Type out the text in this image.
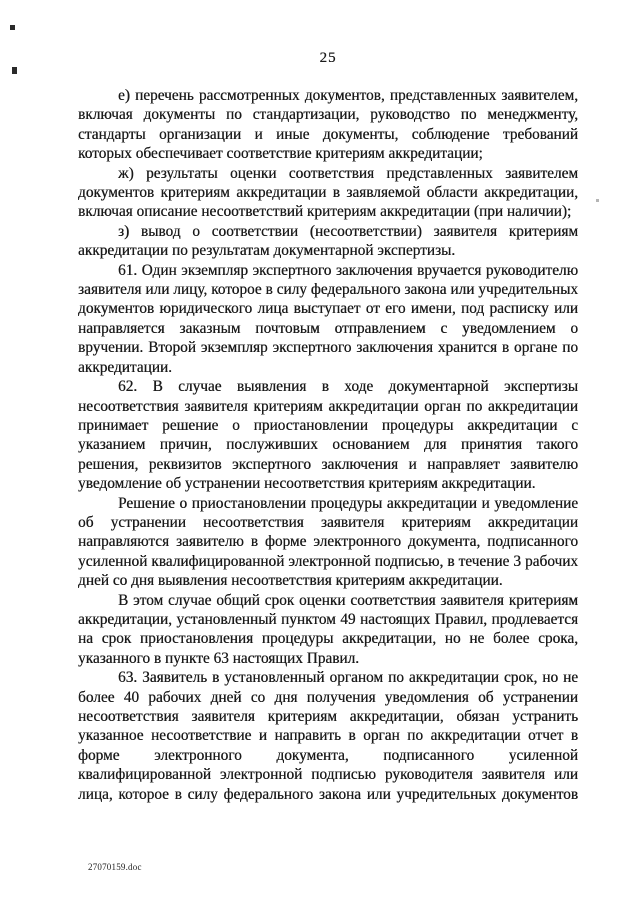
25

е) перечень рассмотренных документов, представленных заявителем, включая документы по стандартизации, руководство по менеджменту, стандарты организации и иные документы, соблюдение требований которых обеспечивает соответствие критериям аккредитации;

ж) результаты оценки соответствия представленных заявителем документов критериям аккредитации в заявляемой области аккредитации, включая описание несоответствий критериям аккредитации (при наличии);

з) вывод о соответствии (несоответствии) заявителя критериям аккредитации по результатам документарной экспертизы.

61. Один экземпляр экспертного заключения вручается руководителю заявителя или лицу, которое в силу федерального закона или учредительных документов юридического лица выступает от его имени, под расписку или направляется заказным почтовым отправлением с уведомлением о вручении. Второй экземпляр экспертного заключения хранится в органе по аккредитации.

62. В случае выявления в ходе документарной экспертизы несоответствия заявителя критериям аккредитации орган по аккредитации принимает решение о приостановлении процедуры аккредитации с указанием причин, послуживших основанием для принятия такого решения, реквизитов экспертного заключения и направляет заявителю уведомление об устранении несоответствия критериям аккредитации.

Решение о приостановлении процедуры аккредитации и уведомление об устранении несоответствия заявителя критериям аккредитации направляются заявителю в форме электронного документа, подписанного усиленной квалифицированной электронной подписью, в течение 3 рабочих дней со дня выявления несоответствия критериям аккредитации.

В этом случае общий срок оценки соответствия заявителя критериям аккредитации, установленный пунктом 49 настоящих Правил, продлевается на срок приостановления процедуры аккредитации, но не более срока, указанного в пункте 63 настоящих Правил.

63. Заявитель в установленный органом по аккредитации срок, но не более 40 рабочих дней со дня получения уведомления об устранении несоответствия заявителя критериям аккредитации, обязан устранить указанное несоответствие и направить в орган по аккредитации отчет в форме электронного документа, подписанного усиленной квалифицированной электронной подписью руководителя заявителя или лица, которое в силу федерального закона или учредительных документов

27070159.doc
